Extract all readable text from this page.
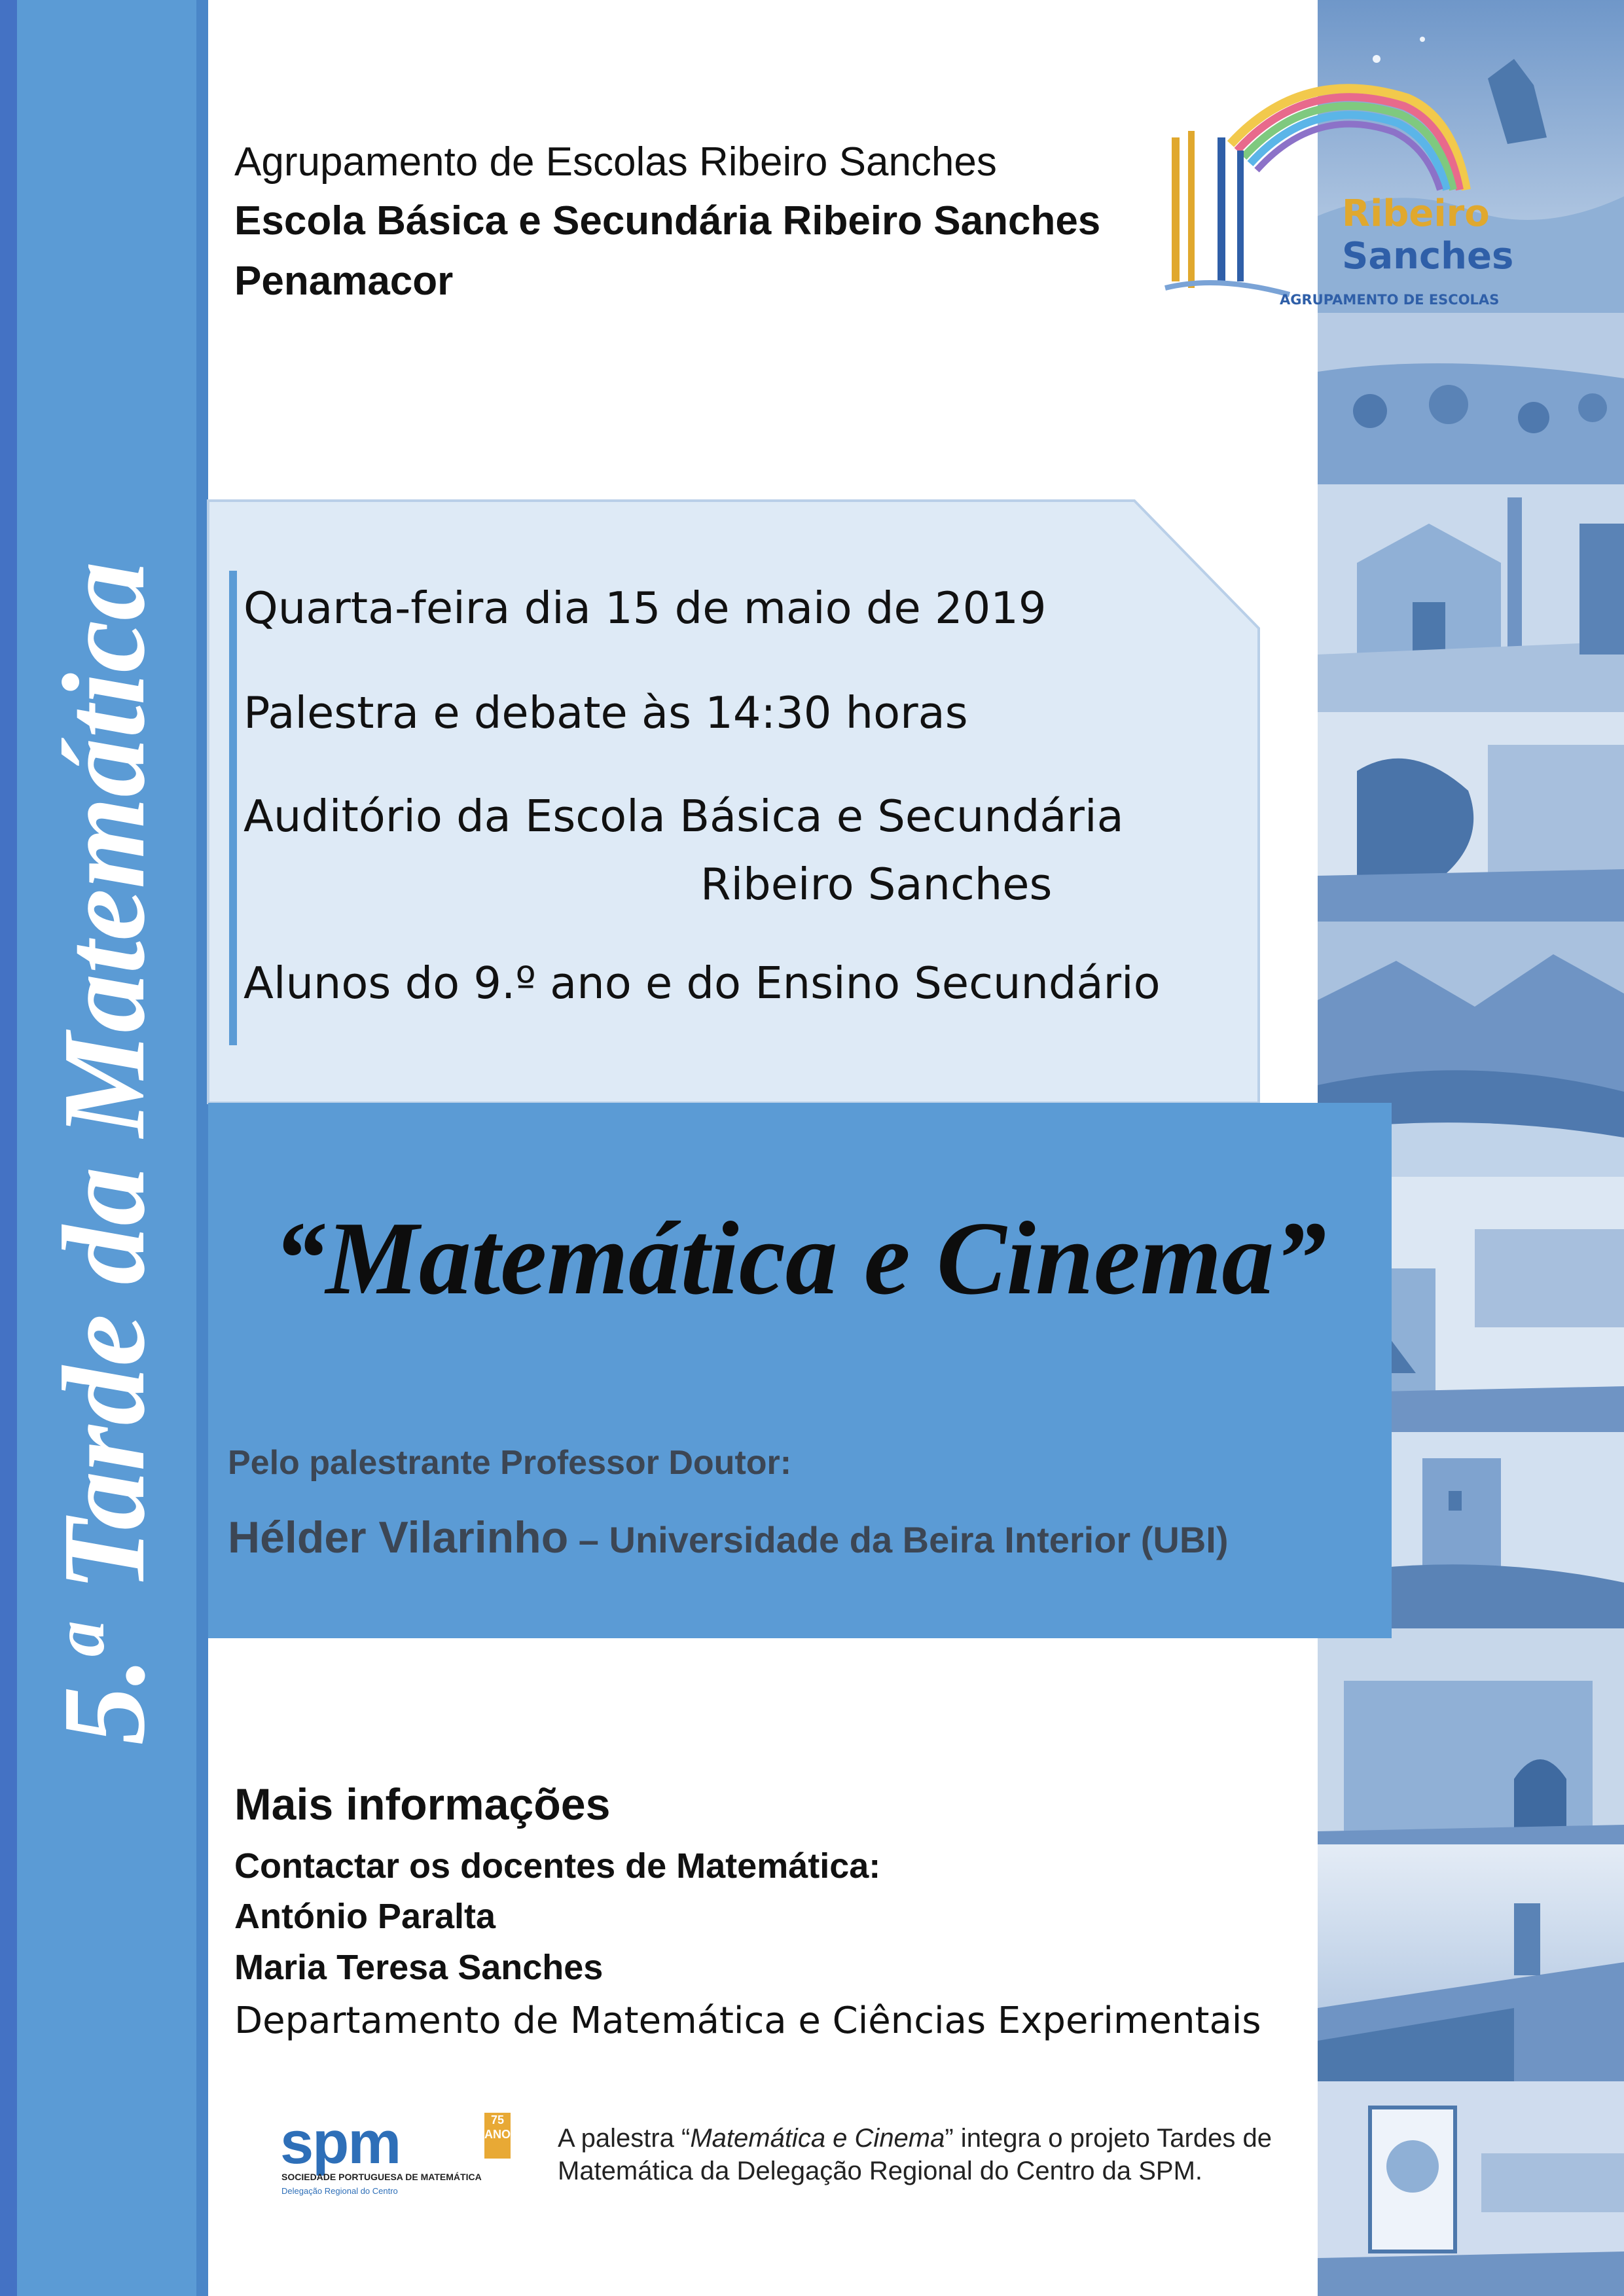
5.$^a$ Tarde da Matemática
Agrupamento de Escolas Ribeiro Sanches
Escola Básica e Secundária Ribeiro Sanches
Penamacor
Ribeiro
Sanches
AGRUPAMENTO DE ESCOLAS
Quarta-feira dia 15 de maio de 2019
Palestra e debate às 14:30 horas
Auditório da Escola Básica e Secundária
Ribeiro Sanches
Alunos do 9.º ano e do Ensino Secundário
“Matemática e Cinema”
Pelo palestrante Professor Doutor:
Hélder Vilarinho – Universidade da Beira Interior (UBI)
Mais informações
Contactar os docentes de Matemática:
António Paralta
Maria Teresa Sanches
Departamento de Matemática e Ciências Experimentais
spm	75 ANOS
SOCIEDADE PORTUGUESA DE MATEMÁTICA
Delegação Regional do Centro
A palestra “Matemática e Cinema” integra o projeto Tardes de Matemática da Delegação Regional do Centro da SPM.
